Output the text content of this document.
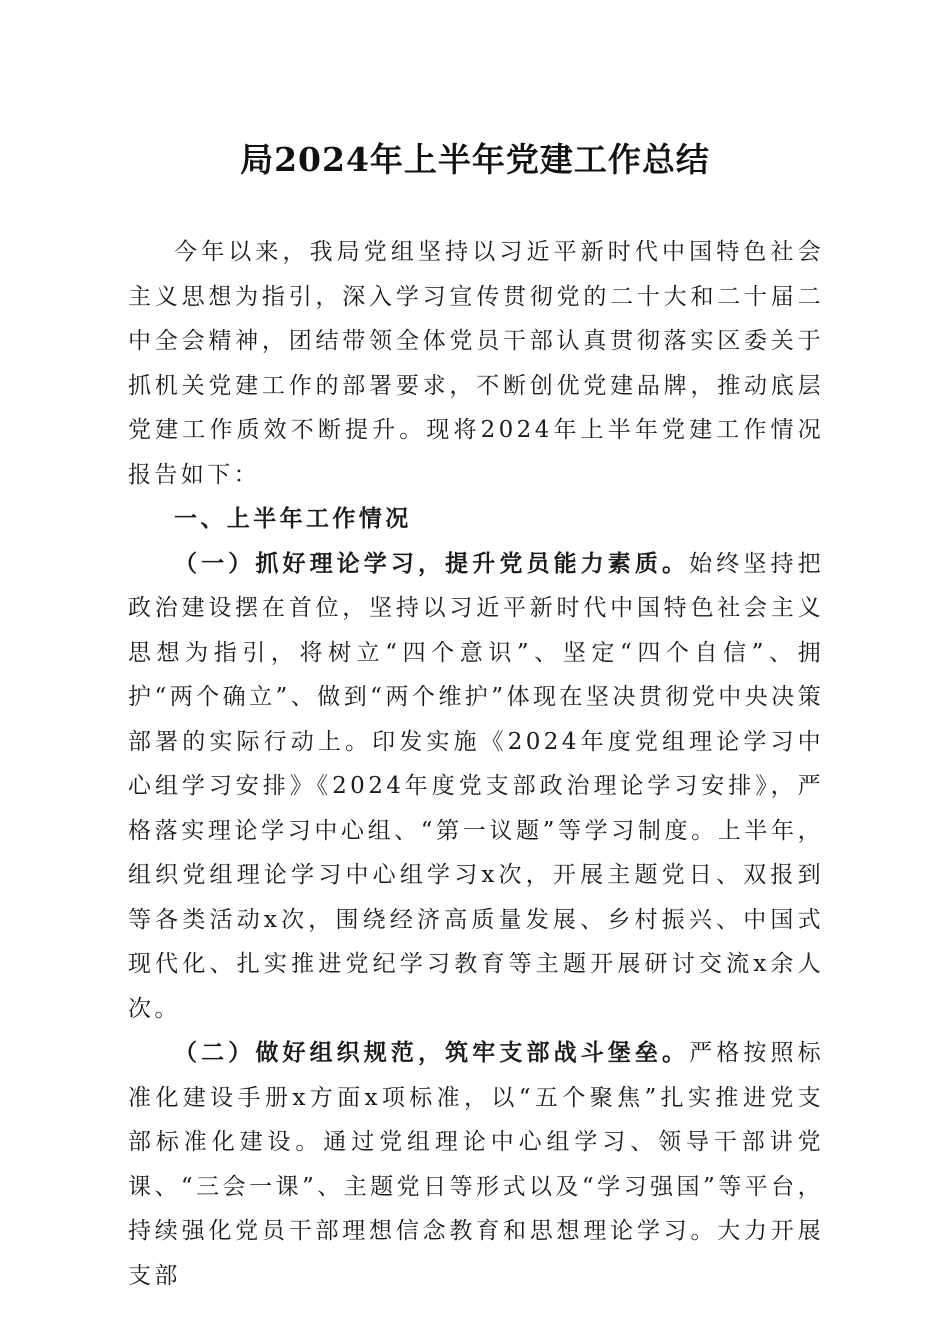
局2024年上半年党建工作总结

今年以来，我局党组坚持以习近平新时代中国特色社会主义思想为指引，深入学习宣传贯彻党的二十大和二十届二中全会精神，团结带领全体党员干部认真贯彻落实区委关于抓机关党建工作的部署要求，不断创优党建品牌，推动底层党建工作质效不断提升。现将2024年上半年党建工作情况报告如下：

一、上半年工作情况

（一）抓好理论学习，提升党员能力素质。始终坚持把政治建设摆在首位，坚持以习近平新时代中国特色社会主义思想为指引，将树立“四个意识”、坚定“四个自信”、拥护“两个确立”、做到“两个维护”体现在坚决贯彻党中央决策部署的实际行动上。印发实施《2024年度党组理论学习中心组学习安排》《2024年度党支部政治理论学习安排》，严格落实理论学习中心组、“第一议题”等学习制度。上半年，组织党组理论学习中心组学习x次，开展主题党日、双报到等各类活动x次，围绕经济高质量发展、乡村振兴、中国式现代化、扎实推进党纪学习教育等主题开展研讨交流x余人次。

（二）做好组织规范，筑牢支部战斗堡垒。严格按照标准化建设手册x方面x项标准，以“五个聚焦”扎实推进党支部标准化建设。通过党组理论中心组学习、领导干部讲党课、“三会一课”、主题党日等形式以及“学习强国”等平台，持续强化党员干部理想信念教育和思想理论学习。大力开展支部
